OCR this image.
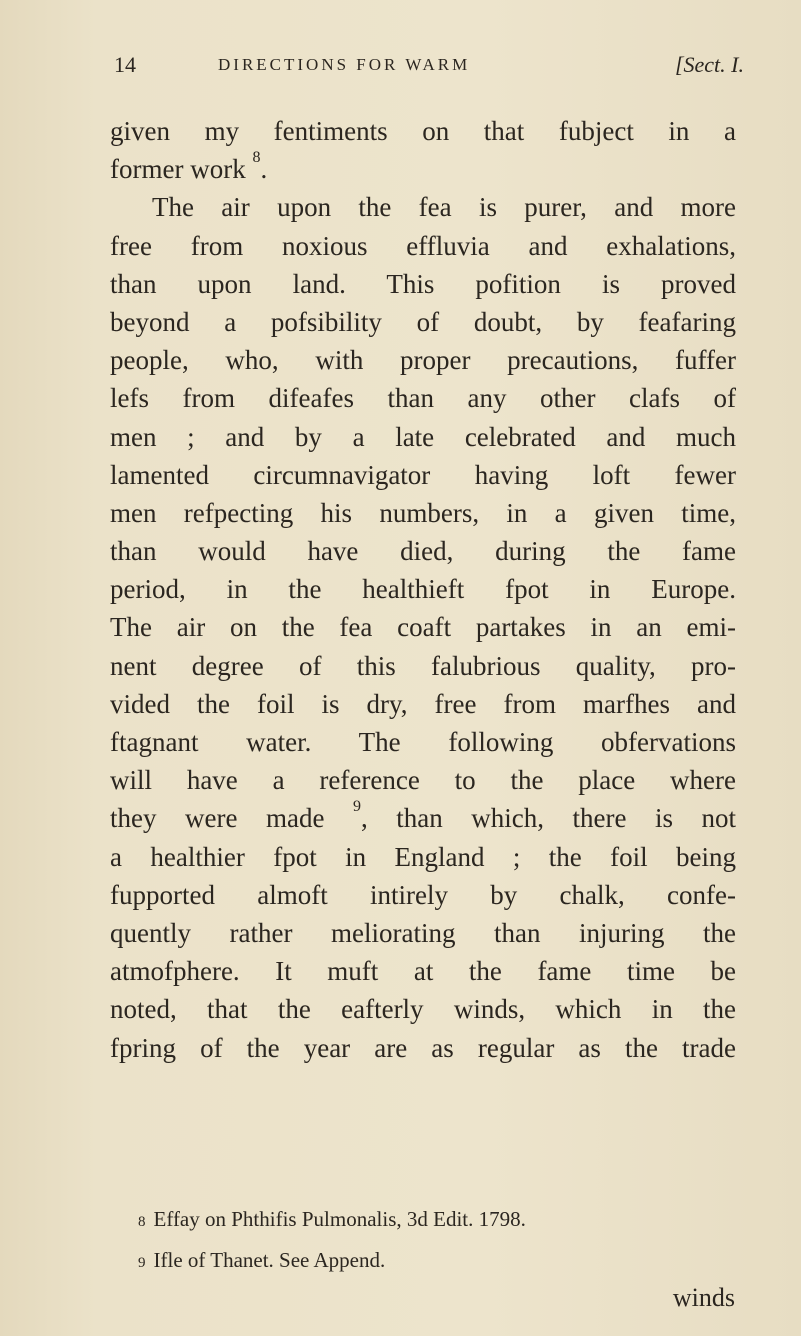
14	DIRECTIONS FOR WARM	[Sect. I.
given my fentiments on that fubject in a
former work $^8$.
The air upon the fea is purer, and more
free from noxious effluvia and exhalations,
than upon land. This pofition is proved
beyond a pofsibility of doubt, by feafaring
people, who, with proper precautions, fuffer
lefs from difeafes than any other clafs of
men ; and by a late celebrated and much
lamented circumnavigator having loft fewer
men refpecting his numbers, in a given time,
than would have died, during the fame
period, in the healthieft fpot in Europe.
The air on the fea coaft partakes in an emi-
nent degree of this falubrious quality, pro-
vided the foil is dry, free from marfhes and
ftagnant water. The following obfervations
will have a reference to the place where
they were made $^9$, than which, there is not
a healthier fpot in England ; the foil being
fupported almoft intirely by chalk, confe-
quently rather meliorating than injuring the
atmofphere. It muft at the fame time be
noted, that the eafterly winds, which in the
fpring of the year are as regular as the trade
8 Effay on Phthifis Pulmonalis, 3d Edit. 1798.
9 Ifle of Thanet. See Append.
winds
